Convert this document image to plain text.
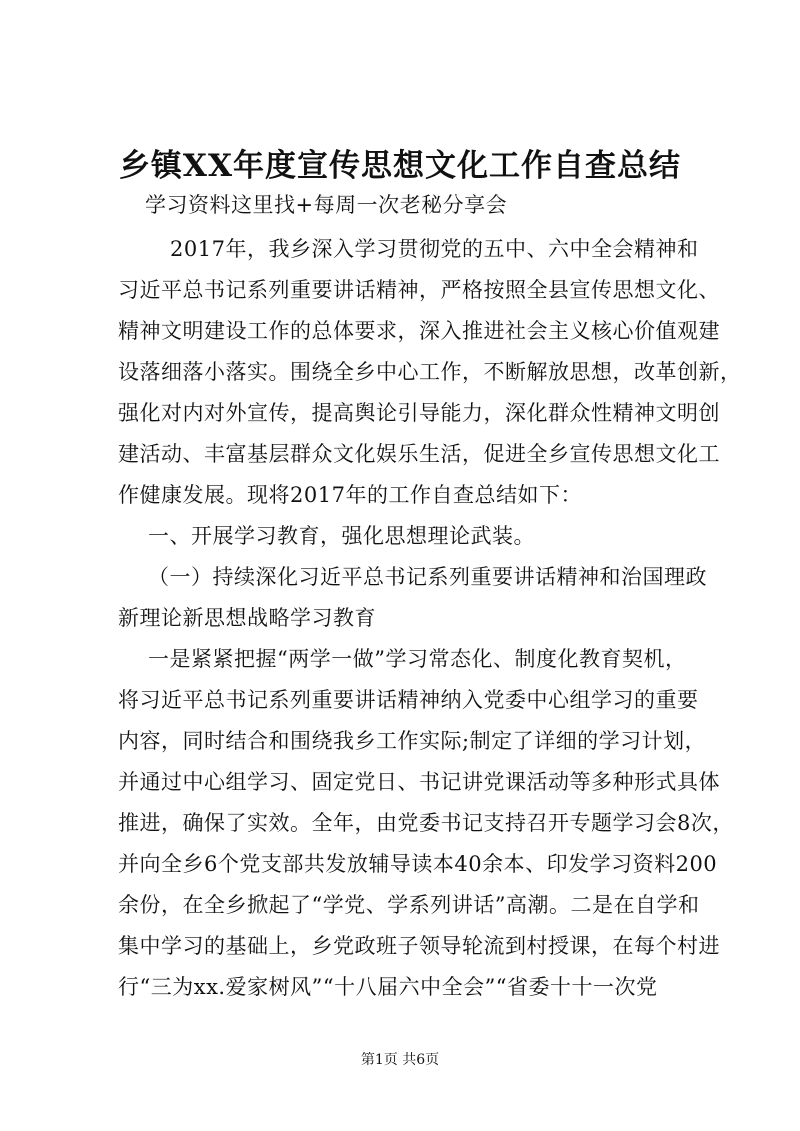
乡镇XX年度宣传思想文化工作自查总结
学习资料这里找+每周一次老秘分享会
2017年，我乡深入学习贯彻党的五中、六中全会精神和
习近平总书记系列重要讲话精神，严格按照全县宣传思想文化、
精神文明建设工作的总体要求，深入推进社会主义核心价值观建
设落细落小落实。围绕全乡中心工作，不断解放思想，改革创新，
强化对内对外宣传，提高舆论引导能力，深化群众性精神文明创
建活动、丰富基层群众文化娱乐生活，促进全乡宣传思想文化工
作健康发展。现将2017年的工作自查总结如下：
一、开展学习教育，强化思想理论武装。
（一）持续深化习近平总书记系列重要讲话精神和治国理政
新理论新思想战略学习教育
一是紧紧把握“两学一做”学习常态化、制度化教育契机，
将习近平总书记系列重要讲话精神纳入党委中心组学习的重要
内容，同时结合和围绕我乡工作实际;制定了详细的学习计划，
并通过中心组学习、固定党日、书记讲党课活动等多种形式具体
推进，确保了实效。全年，由党委书记支持召开专题学习会8次，
并向全乡6个党支部共发放辅导读本40余本、印发学习资料200
余份，在全乡掀起了“学党、学系列讲话”高潮。二是在自学和
集中学习的基础上，乡党政班子领导轮流到村授课，在每个村进
行“三为xx.爱家树风”“十八届六中全会”“省委十十一次党
第1页 共6页
